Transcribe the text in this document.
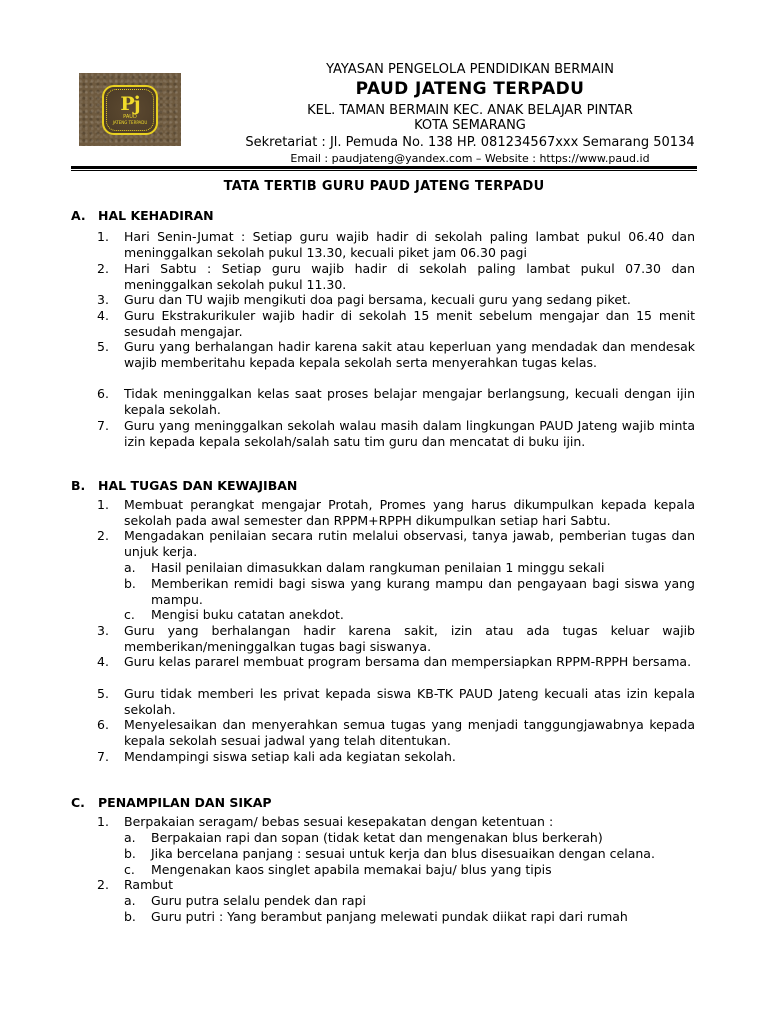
Pj
PAUD
JATENG TERPADU
YAYASAN PENGELOLA PENDIDIKAN BERMAIN
PAUD JATENG TERPADU
KEL. TAMAN BERMAIN KEC. ANAK BELAJAR PINTAR
KOTA SEMARANG
Sekretariat : Jl. Pemuda No. 138 HP. 081234567xxx Semarang 50134
Email : paudjateng@yandex.com – Website : https://www.paud.id
TATA TERTIB GURU PAUD JATENG TERPADU
A. HAL KEHADIRAN
1.	Hari Senin-Jumat : Setiap guru wajib hadir di sekolah paling lambat pukul 06.40 dan meninggalkan sekolah pukul 13.30, kecuali piket jam 06.30 pagi
2.	Hari Sabtu : Setiap guru wajib hadir di sekolah paling lambat pukul 07.30 dan meninggalkan sekolah pukul 11.30.
3.	Guru dan TU wajib mengikuti doa pagi bersama, kecuali guru yang sedang piket.
4.	Guru Ekstrakurikuler wajib hadir di sekolah 15 menit sebelum mengajar dan 15 menit sesudah mengajar.
5.	Guru yang berhalangan hadir karena sakit atau keperluan yang mendadak dan mendesak wajib memberitahu kepada kepala sekolah serta menyerahkan tugas kelas.
6.	Tidak meninggalkan kelas saat proses belajar mengajar berlangsung, kecuali dengan ijin kepala sekolah.
7.	Guru yang meninggalkan sekolah walau masih dalam lingkungan PAUD Jateng wajib minta izin kepada kepala sekolah/salah satu tim guru dan mencatat di buku ijin.
B. HAL TUGAS DAN KEWAJIBAN
1.	Membuat perangkat mengajar Protah, Promes yang harus dikumpulkan kepada kepala sekolah pada awal semester dan RPPM+RPPH dikumpulkan setiap hari Sabtu.
2.	Mengadakan penilaian secara rutin melalui observasi, tanya jawab, pemberian tugas dan unjuk kerja.
a.	Hasil penilaian dimasukkan dalam rangkuman penilaian 1 minggu sekali
b.	Memberikan remidi bagi siswa yang kurang mampu dan pengayaan bagi siswa yang mampu.
c.	Mengisi buku catatan anekdot.
3.	Guru yang berhalangan hadir karena sakit, izin atau ada tugas keluar wajib memberikan/meninggalkan tugas bagi siswanya.
4.	Guru kelas pararel membuat program bersama dan mempersiapkan RPPM-RPPH bersama.
5.	Guru tidak memberi les privat kepada siswa KB-TK PAUD Jateng kecuali atas izin kepala sekolah.
6.	Menyelesaikan dan menyerahkan semua tugas yang menjadi tanggungjawabnya kepada kepala sekolah sesuai jadwal yang telah ditentukan.
7.	Mendampingi siswa setiap kali ada kegiatan sekolah.
C. PENAMPILAN DAN SIKAP
1.	Berpakaian seragam/ bebas sesuai kesepakatan dengan ketentuan :
a.	Berpakaian rapi dan sopan (tidak ketat dan mengenakan blus berkerah)
b.	Jika bercelana panjang : sesuai untuk kerja dan blus disesuaikan dengan celana.
c.	Mengenakan kaos singlet apabila memakai baju/ blus yang tipis
2.	Rambut
a.	Guru putra selalu pendek dan rapi
b.	Guru putri : Yang berambut panjang melewati pundak diikat rapi dari rumah
